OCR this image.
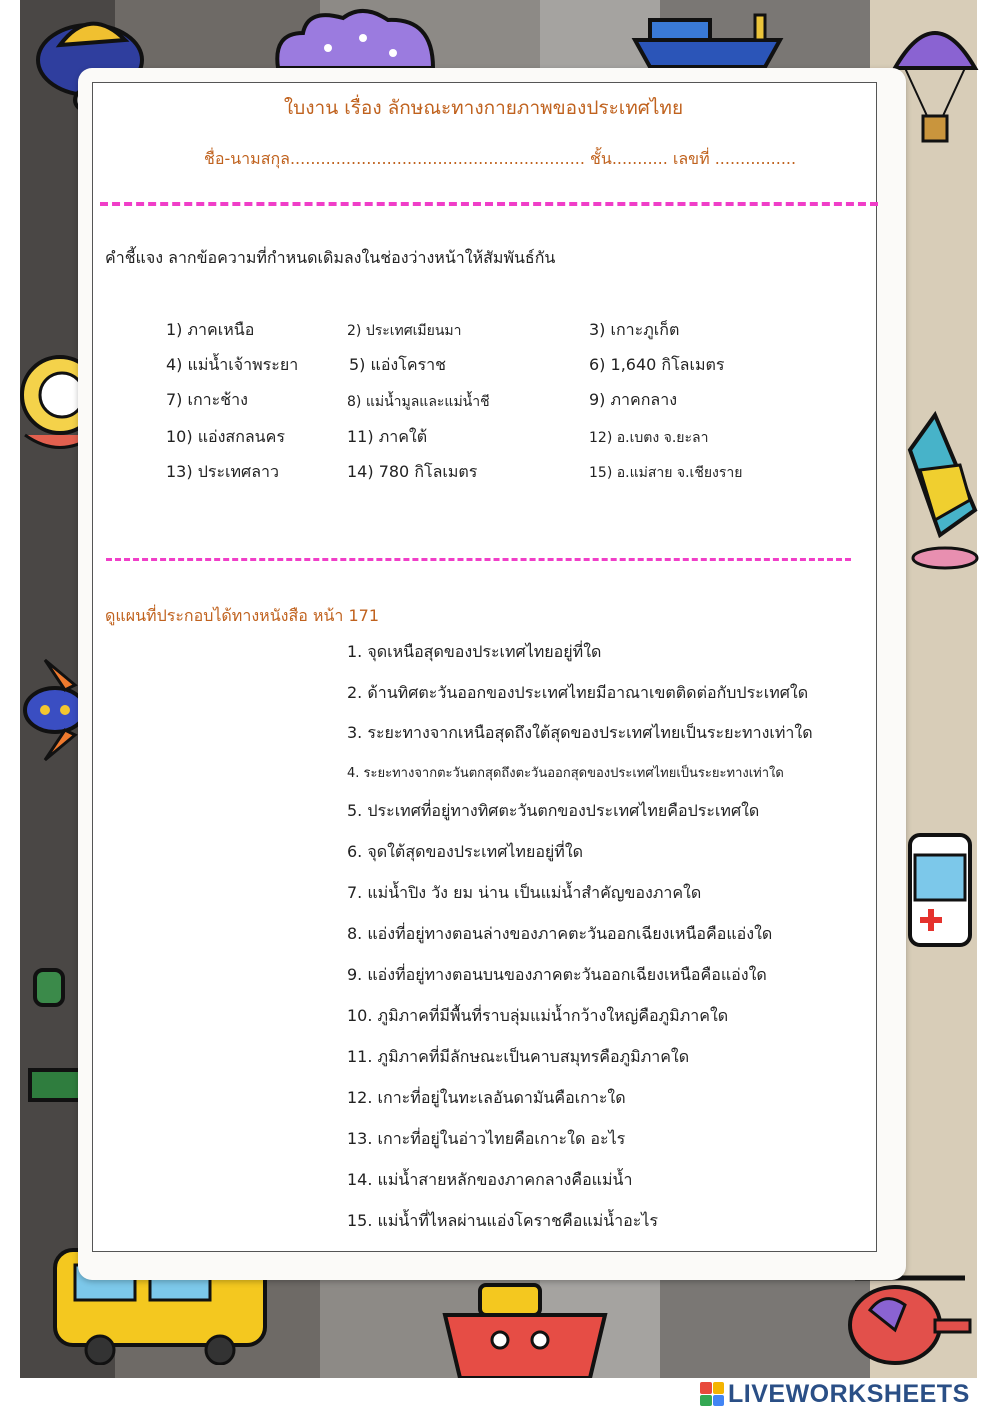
ใบงาน เรื่อง ลักษณะทางกายภาพของประเทศไทย
ชื่อ-นามสกุล.......................................................... ชั้น........... เลขที่ ................
คำชี้แจง ลากข้อความที่กำหนดเดิมลงในช่องว่างหน้าให้สัมพันธ์กัน
1) ภาคเหนือ	2) ประเทศเมียนมา	3) เกาะภูเก็ต
4) แม่น้ำเจ้าพระยา	5) แอ่งโคราช	6) 1,640 กิโลเมตร
7) เกาะช้าง	8) แม่น้ำมูลและแม่น้ำชี	9) ภาคกลาง
10) แอ่งสกลนคร	11) ภาคใต้	12) อ.เบตง จ.ยะลา
13) ประเทศลาว	14) 780 กิโลเมตร	15) อ.แม่สาย จ.เชียงราย
ดูแผนที่ประกอบได้ทางหนังสือ หน้า 171
1. จุดเหนือสุดของประเทศไทยอยู่ที่ใด
2. ด้านทิศตะวันออกของประเทศไทยมีอาณาเขตติดต่อกับประเทศใด
3. ระยะทางจากเหนือสุดถึงใต้สุดของประเทศไทยเป็นระยะทางเท่าใด
4. ระยะทางจากตะวันตกสุดถึงตะวันออกสุดของประเทศไทยเป็นระยะทางเท่าใด
5. ประเทศที่อยู่ทางทิศตะวันตกของประเทศไทยคือประเทศใด
6. จุดใต้สุดของประเทศไทยอยู่ที่ใด
7. แม่น้ำปิง วัง ยม น่าน เป็นแม่น้ำสำคัญของภาคใด
8. แอ่งที่อยู่ทางตอนล่างของภาคตะวันออกเฉียงเหนือคือแอ่งใด
9. แอ่งที่อยู่ทางตอนบนของภาคตะวันออกเฉียงเหนือคือแอ่งใด
10. ภูมิภาคที่มีพื้นที่ราบลุ่มแม่น้ำกว้างใหญ่คือภูมิภาคใด
11. ภูมิภาคที่มีลักษณะเป็นคาบสมุทรคือภูมิภาคใด
12. เกาะที่อยู่ในทะเลอันดามันคือเกาะใด
13. เกาะที่อยู่ในอ่าวไทยคือเกาะใด อะไร
14. แม่น้ำสายหลักของภาคกลางคือแม่น้ำ
15. แม่น้ำที่ไหลผ่านแอ่งโคราชคือแม่น้ำอะไร
LIVEWORKSHEETS
